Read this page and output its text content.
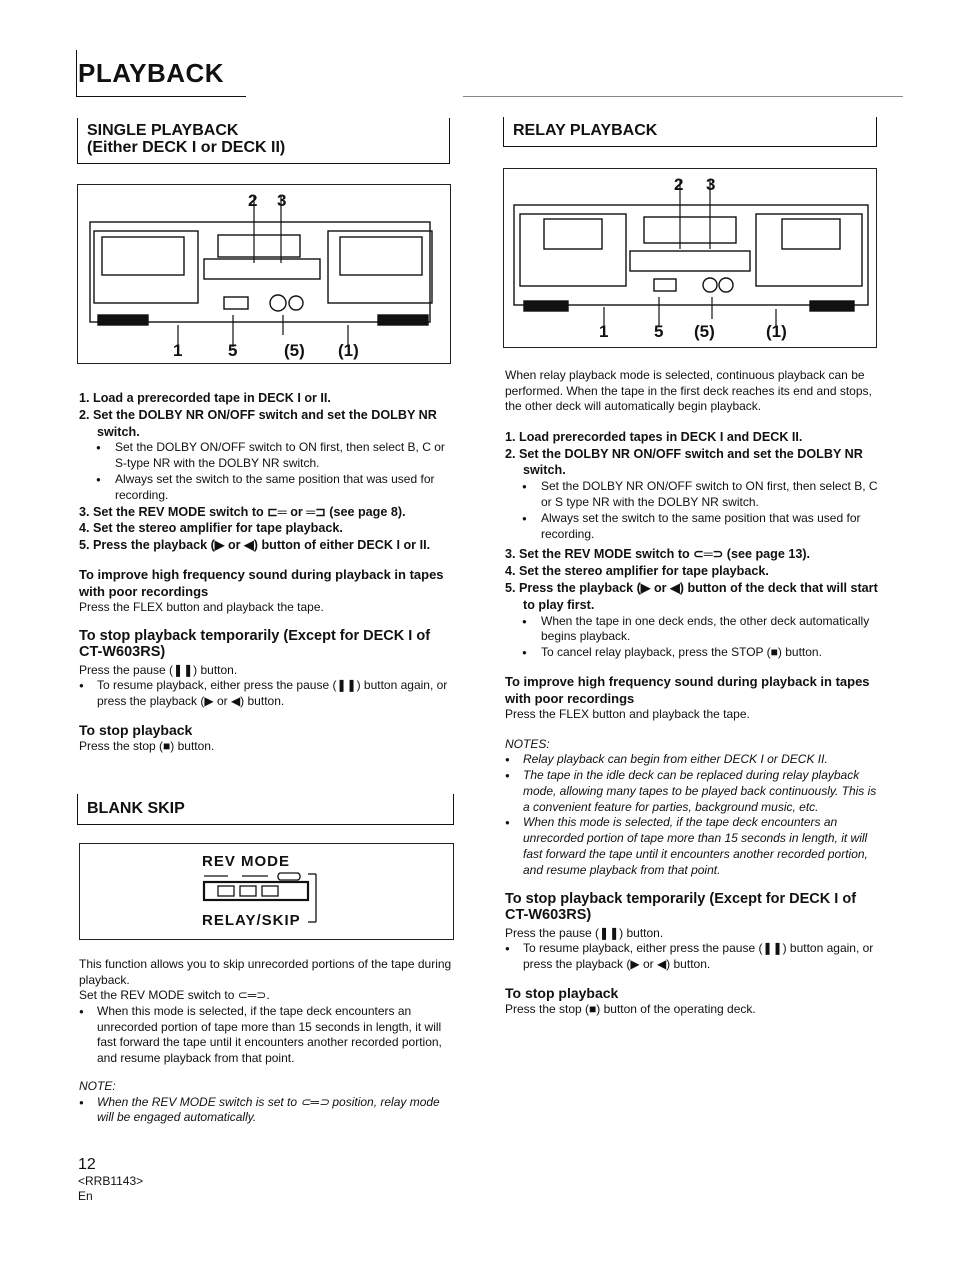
PLAYBACK
SINGLE PLAYBACK
(Either DECK I or DECK II)
2 3
1	5	(5) (1)

1. Load a prerecorded tape in DECK I or II.

2. Set the DOLBY NR ON/OFF switch and set the DOLBY NR switch.

● Set the DOLBY ON/OFF switch to ON first, then select B, C or S-type NR with the DOLBY NR switch.

● Always set the switch to the same position that was used for recording.

3. Set the REV MODE switch to ⊏═ or ═⊐ (see page 8).

4. Set the stereo amplifier for tape playback.

5. Press the playback (▶ or ◀) button of either DECK I or II.

To improve high frequency sound during playback in tapes with poor recordings

Press the FLEX button and playback the tape.

To stop playback temporarily (Except for DECK I of CT-W603RS)

Press the pause (❚❚) button.

● To resume playback, either press the pause (❚❚) button again, or press the playback (▶ or ◀) button.

To stop playback

Press the stop (■) button.

BLANK SKIP
REV MODE
RELAY/SKIP

This function allows you to skip unrecorded portions of the tape during playback.

Set the REV MODE switch to ⊂═⊃.

● When this mode is selected, if the tape deck encounters an unrecorded portion of tape more than 15 seconds in length, it will fast forward the tape until it encounters another recorded portion, and resume playback from that point.

NOTE:

● When the REV MODE switch is set to ⊂═⊃ position, relay mode will be engaged automatically.

RELAY PLAYBACK
2 3
1	5 (5)	(1)

When relay playback mode is selected, continuous playback can be performed. When the tape in the first deck reaches its end and stops, the other deck will automatically begin playback.

1. Load prerecorded tapes in DECK I and DECK II.

2. Set the DOLBY NR ON/OFF switch and set the DOLBY NR switch.

● Set the DOLBY NR ON/OFF switch to ON first, then select B, C or S type NR with the DOLBY NR switch.

● Always set the switch to the same position that was used for recording.

3. Set the REV MODE switch to ⊂═⊃ (see page 13).

4. Set the stereo amplifier for tape playback.

5. Press the playback (▶ or ◀) button of the deck that will start to play first.

● When the tape in one deck ends, the other deck automatically begins playback.

● To cancel relay playback, press the STOP (■) button.

To improve high frequency sound during playback in tapes with poor recordings

Press the FLEX button and playback the tape.

NOTES:

● Relay playback can begin from either DECK I or DECK II.

● The tape in the idle deck can be replaced during relay playback mode, allowing many tapes to be played back continuously. This is a convenient feature for parties, background music, etc.

● When this mode is selected, if the tape deck encounters an unrecorded portion of tape more than 15 seconds in length, it will fast forward the tape until it encounters another recorded portion, and resume playback from that point.

To stop playback temporarily (Except for DECK I of CT-W603RS)

Press the pause (❚❚) button.

● To resume playback, either press the pause (❚❚) button again, or press the playback (▶ or ◀) button.

To stop playback

Press the stop (■) button of the operating deck.

12
<RRB1143>
En
